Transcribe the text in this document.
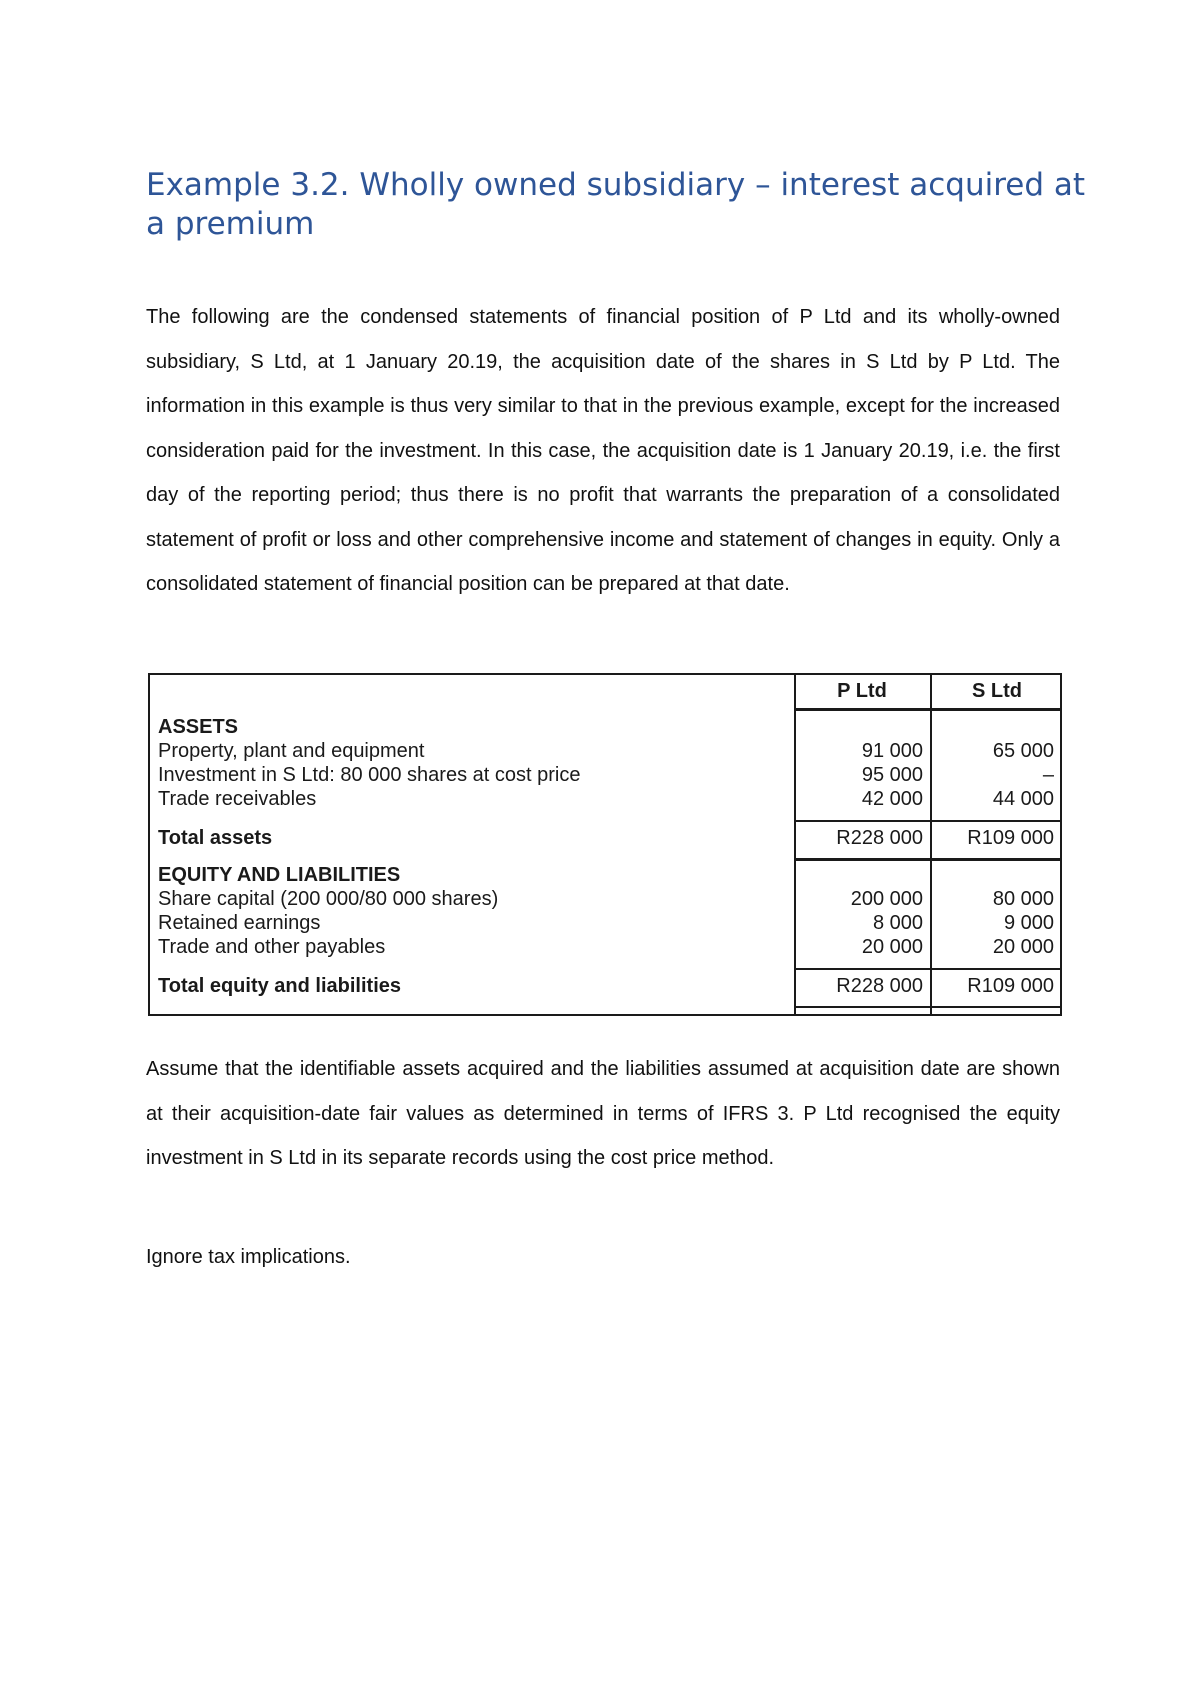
Example 3.2. Wholly owned subsidiary – interest acquired at a premium

The following are the condensed statements of financial position of P Ltd and its wholly-owned subsidiary, S Ltd, at 1 January 20.19, the acquisition date of the shares in S Ltd by P Ltd. The information in this example is thus very similar to that in the previous example, except for the increased consideration paid for the investment. In this case, the acquisition date is 1 January 20.19, i.e. the first day of the reporting period; thus there is no profit that warrants the preparation of a consolidated statement of profit or loss and other comprehensive income and statement of changes in equity. Only a consolidated statement of financial position can be prepared at that date.

P Ltd	S Ltd
ASSETS
Property, plant and equipment	91 000	65 000
Investment in S Ltd: 80 000 shares at cost price	95 000	–
Trade receivables	42 000	44 000
Total assets	R228 000	R109 000
EQUITY AND LIABILITIES
Share capital (200 000/80 000 shares)	200 000	80 000
Retained earnings	8 000	9 000
Trade and other payables	20 000	20 000
Total equity and liabilities	R228 000	R109 000

Assume that the identifiable assets acquired and the liabilities assumed at acquisition date are shown at their acquisition-date fair values as determined in terms of IFRS 3. P Ltd recognised the equity investment in S Ltd in its separate records using the cost price method.

Ignore tax implications.
